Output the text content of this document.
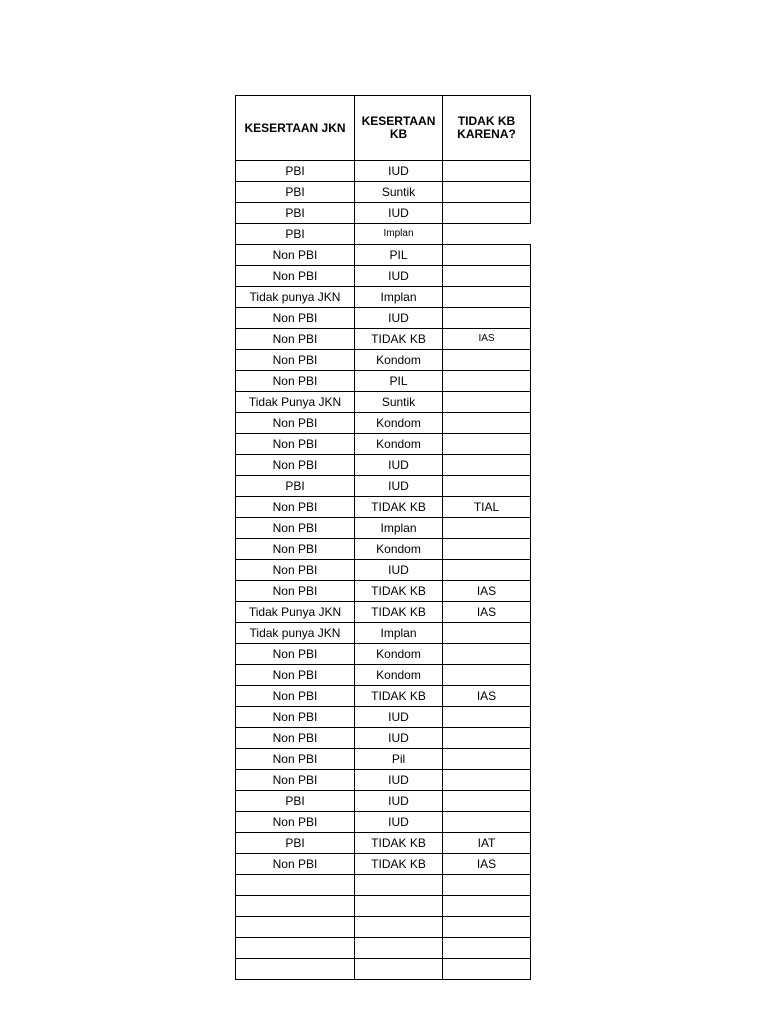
KESERTAAN JKN	KESERTAAN KB	TIDAK KB KARENA?
PBI	IUD	
PBI	Suntik	
PBI	IUD	
PBI	Implan	
Non PBI	PIL	
Non PBI	IUD	
Tidak punya JKN	Implan	
Non PBI	IUD	
Non PBI	TIDAK KB	IAS
Non PBI	Kondom	
Non PBI	PIL	
Tidak Punya JKN	Suntik	
Non PBI	Kondom	
Non PBI	Kondom	
Non PBI	IUD	
PBI	IUD	
Non PBI	TIDAK KB	TIAL
Non PBI	Implan	
Non PBI	Kondom	
Non PBI	IUD	
Non PBI	TIDAK KB	IAS
Tidak Punya JKN	TIDAK KB	IAS
Tidak punya JKN	Implan	
Non PBI	Kondom	
Non PBI	Kondom	
Non PBI	TIDAK KB	IAS
Non PBI	IUD	
Non PBI	IUD	
Non PBI	Pil	
Non PBI	IUD	
PBI	IUD	
Non PBI	IUD	
PBI	TIDAK KB	IAT
Non PBI	TIDAK KB	IAS
